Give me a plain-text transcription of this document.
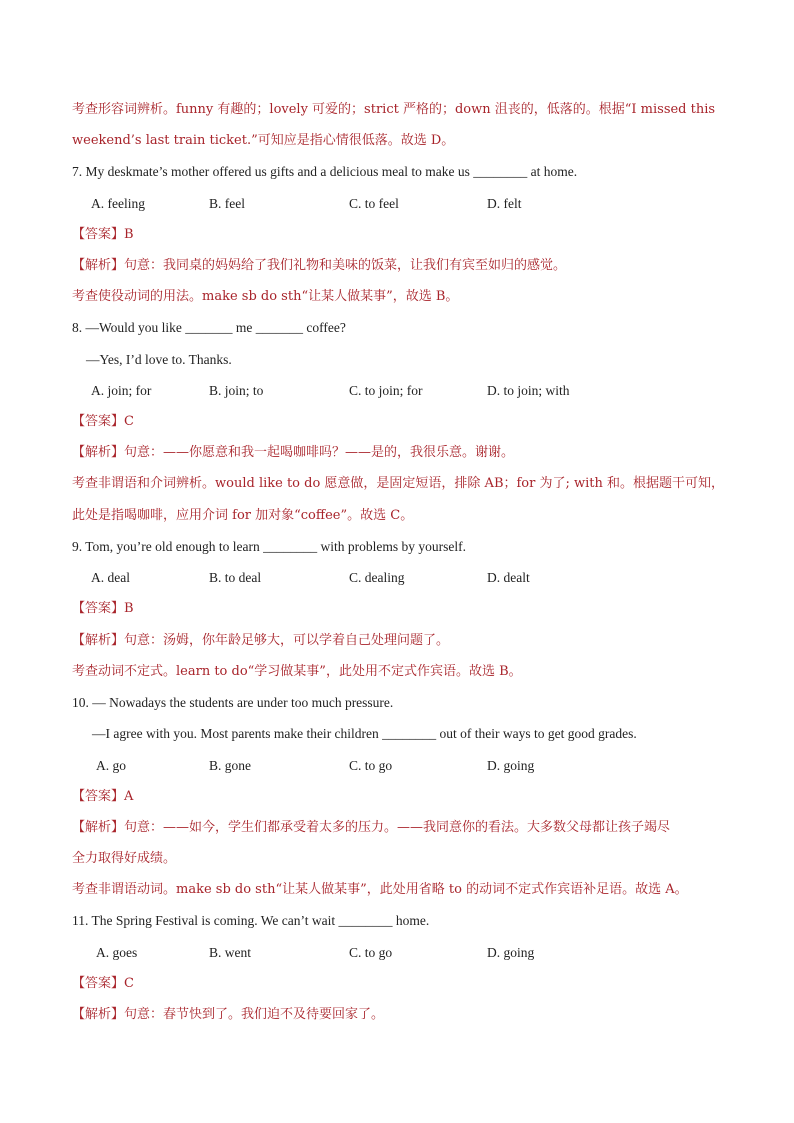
考查形容词辨析。funny 有趣的；lovely 可爱的；strict 严格的；down 沮丧的，低落的。根据“I missed this
weekend’s last train ticket.”可知应是指心情很低落。故选 D。
7. My deskmate’s mother offered us gifts and a delicious meal to make us ________ at home.
A. feeling	B. feel	C. to feel	D. felt
【答案】B
【解析】句意：我同桌的妈妈给了我们礼物和美味的饭菜，让我们有宾至如归的感觉。
考查使役动词的用法。make sb do sth“让某人做某事”，故选 B。
8. —Would you like _______ me _______ coffee?
—Yes, I’d love to. Thanks.
A. join; for	B. join; to	C. to join; for	D. to join; with
【答案】C
【解析】句意：——你愿意和我一起喝咖啡吗？——是的，我很乐意。谢谢。
考查非谓语和介词辨析。would like to do 愿意做，是固定短语，排除 AB；for 为了; with 和。根据题干可知，
此处是指喝咖啡，应用介词 for 加对象“coffee”。故选 C。
9. Tom, you’re old enough to learn ________ with problems by yourself.
A. deal	B. to deal	C. dealing	D. dealt
【答案】B
【解析】句意：汤姆，你年龄足够大，可以学着自己处理问题了。
考查动词不定式。learn to do“学习做某事”，此处用不定式作宾语。故选 B。
10. — Nowadays the students are under too much pressure.
—I agree with you. Most parents make their children ________ out of their ways to get good grades.
A. go	B. gone	C. to go	D. going
【答案】A
【解析】句意：——如今，学生们都承受着太多的压力。——我同意你的看法。大多数父母都让孩子竭尽
全力取得好成绩。
考查非谓语动词。make sb do sth“让某人做某事”，此处用省略 to 的动词不定式作宾语补足语。故选 A。
11. The Spring Festival is coming. We can’t wait ________ home.
A. goes	B. went	C. to go	D. going
【答案】C
【解析】句意：春节快到了。我们迫不及待要回家了。
